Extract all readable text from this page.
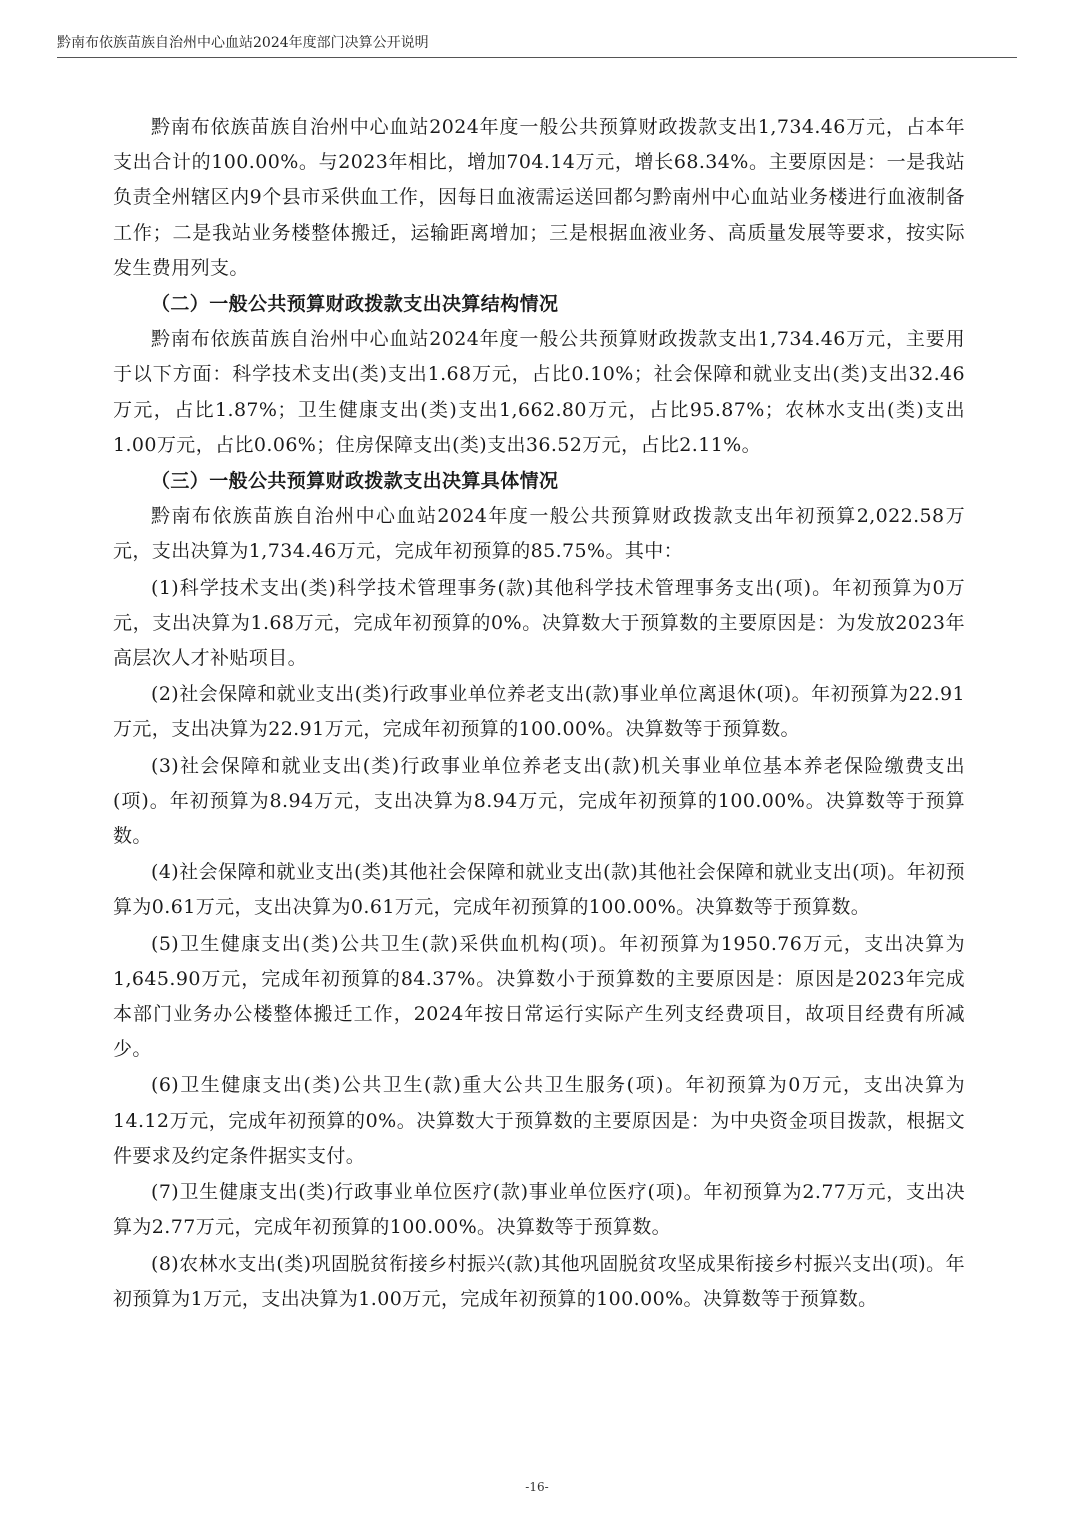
黔南布依族苗族自治州中心血站2024年度部门决算公开说明

黔南布依族苗族自治州中心血站2024年度一般公共预算财政拨款支出1,734.46万元，占本年支出合计的100.00%。与2023年相比，增加704.14万元，增长68.34%。主要原因是：一是我站负责全州辖区内9个县市采供血工作，因每日血液需运送回都匀黔南州中心血站业务楼进行血液制备工作；二是我站业务楼整体搬迁，运输距离增加；三是根据血液业务、高质量发展等要求，按实际发生费用列支。

（二）一般公共预算财政拨款支出决算结构情况

黔南布依族苗族自治州中心血站2024年度一般公共预算财政拨款支出1,734.46万元，主要用于以下方面：科学技术支出(类)支出1.68万元，占比0.10%；社会保障和就业支出(类)支出32.46万元，占比1.87%；卫生健康支出(类)支出1,662.80万元，占比95.87%；农林水支出(类)支出1.00万元，占比0.06%；住房保障支出(类)支出36.52万元，占比2.11%。

（三）一般公共预算财政拨款支出决算具体情况

黔南布依族苗族自治州中心血站2024年度一般公共预算财政拨款支出年初预算2,022.58万元，支出决算为1,734.46万元，完成年初预算的85.75%。其中：

(1)科学技术支出(类)科学技术管理事务(款)其他科学技术管理事务支出(项)。年初预算为0万元，支出决算为1.68万元，完成年初预算的0%。决算数大于预算数的主要原因是：为发放2023年高层次人才补贴项目。

(2)社会保障和就业支出(类)行政事业单位养老支出(款)事业单位离退休(项)。年初预算为22.91万元，支出决算为22.91万元，完成年初预算的100.00%。决算数等于预算数。

(3)社会保障和就业支出(类)行政事业单位养老支出(款)机关事业单位基本养老保险缴费支出(项)。年初预算为8.94万元，支出决算为8.94万元，完成年初预算的100.00%。决算数等于预算数。

(4)社会保障和就业支出(类)其他社会保障和就业支出(款)其他社会保障和就业支出(项)。年初预算为0.61万元，支出决算为0.61万元，完成年初预算的100.00%。决算数等于预算数。

(5)卫生健康支出(类)公共卫生(款)采供血机构(项)。年初预算为1950.76万元，支出决算为1,645.90万元，完成年初预算的84.37%。决算数小于预算数的主要原因是：原因是2023年完成本部门业务办公楼整体搬迁工作，2024年按日常运行实际产生列支经费项目，故项目经费有所减少。

(6)卫生健康支出(类)公共卫生(款)重大公共卫生服务(项)。年初预算为0万元，支出决算为14.12万元，完成年初预算的0%。决算数大于预算数的主要原因是：为中央资金项目拨款，根据文件要求及约定条件据实支付。

(7)卫生健康支出(类)行政事业单位医疗(款)事业单位医疗(项)。年初预算为2.77万元，支出决算为2.77万元，完成年初预算的100.00%。决算数等于预算数。

(8)农林水支出(类)巩固脱贫衔接乡村振兴(款)其他巩固脱贫攻坚成果衔接乡村振兴支出(项)。年初预算为1万元，支出决算为1.00万元，完成年初预算的100.00%。决算数等于预算数。

-16-
